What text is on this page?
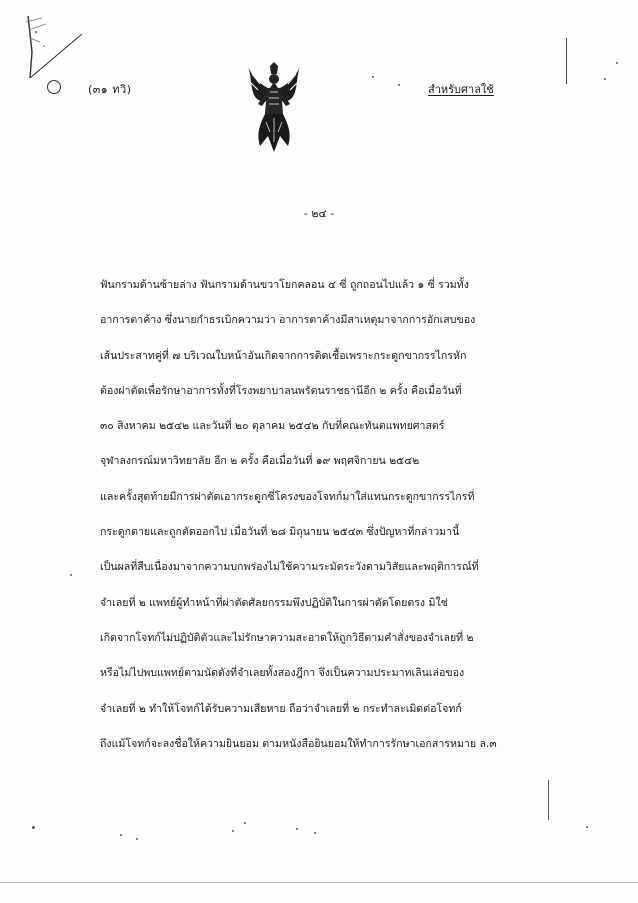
(๓๑ ทวิ)	สำหรับศาลใช้
- ๒๔ -
ฟันกรามด้านซ้ายล่าง ฟันกรามด้านขวาโยกคลอน ๔ ซี่ ถูกถอนไปแล้ว ๑ ซี่ รวมทั้ง
อาการตาค้าง ซึ่งนายกำธรเบิกความว่า อาการตาค้างมีสาเหตุมาจากการอักเสบของ
เส้นประสาทคู่ที่ ๗ บริเวณใบหน้าอันเกิดจากการติดเชื้อเพราะกระดูกขากรรไกรหัก
ต้องผ่าตัดเพื่อรักษาอาการทั้งที่โรงพยาบาลนพรัตนราชธานีอีก ๒ ครั้ง คือเมื่อวันที่
๓๐ สิงหาคม ๒๕๔๒ และวันที่ ๒๐ ตุลาคม ๒๕๔๒ กับที่คณะทันตแพทยศาสตร์
จุฬาลงกรณ์มหาวิทยาลัย อีก ๒ ครั้ง คือเมื่อวันที่ ๑๙ พฤศจิกายน ๒๕๔๒
และครั้งสุดท้ายมีการผ่าตัดเอากระดูกซี่โครงของโจทก์มาใส่แทนกระดูกขากรรไกรที่
กระดูกตายและถูกตัดออกไป เมื่อวันที่ ๒๘ มิถุนายน ๒๕๔๓ ซึ่งปัญหาที่กล่าวมานี้
เป็นผลที่สืบเนื่องมาจากความบกพร่องไม่ใช้ความระมัดระวังตามวิสัยและพฤติการณ์ที่
จำเลยที่ ๒ แพทย์ผู้ทำหน้าที่ผ่าตัดศัลยกรรมพึงปฏิบัติในการผ่าตัดโดยตรง มิใช่
เกิดจากโจทก์ไม่ปฏิบัติตัวและไม่รักษาความสะอาดให้ถูกวิธีตามคำสั่งของจำเลยที่ ๒
หรือไม่ไปพบแพทย์ตามนัดดังที่จำเลยทั้งสองฎีกา จึงเป็นความประมาทเลินเล่อของ
จำเลยที่ ๒ ทำให้โจทก์ได้รับความเสียหาย ถือว่าจำเลยที่ ๒ กระทำละเมิดต่อโจทก์
ถึงแม้โจทก์จะลงชื่อให้ความยินยอม ตามหนังสือยินยอมให้ทำการรักษาเอกสารหมาย ล.๓
